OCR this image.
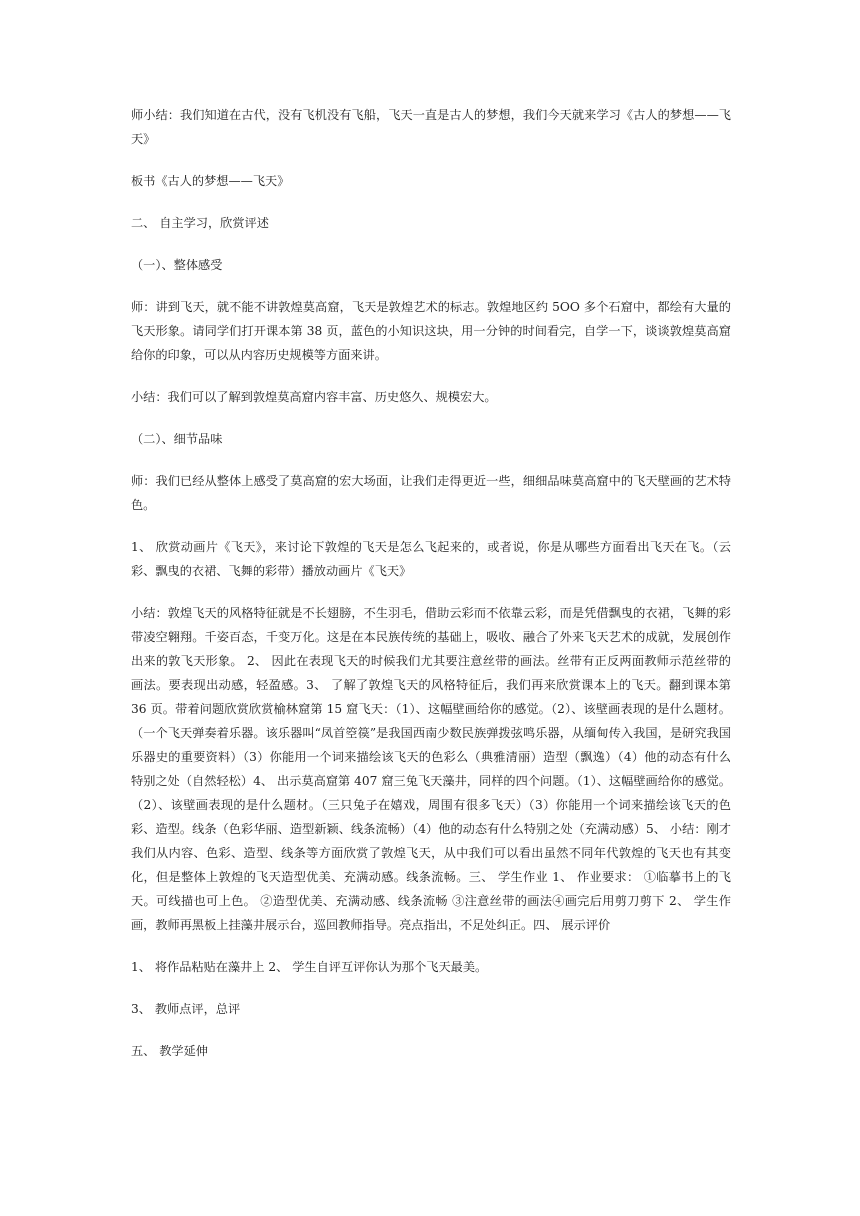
师小结：我们知道在古代，没有飞机没有飞船，飞天一直是古人的梦想，我们今天就来学习《古人的梦想——飞天》

板书《古人的梦想——飞天》

二、 自主学习，欣赏评述

（一）、整体感受

师：讲到飞天，就不能不讲敦煌莫高窟，飞天是敦煌艺术的标志。敦煌地区约 5OO 多个石窟中，都绘有大量的飞天形象。请同学们打开课本第 38 页，蓝色的小知识这块，用一分钟的时间看完，自学一下，谈谈敦煌莫高窟给你的印象，可以从内容历史规模等方面来讲。

小结：我们可以了解到敦煌莫高窟内容丰富、历史悠久、规模宏大。

（二）、细节品味

师：我们已经从整体上感受了莫高窟的宏大场面，让我们走得更近一些，细细品味莫高窟中的飞天壁画的艺术特色。

1、 欣赏动画片《飞天》，来讨论下敦煌的飞天是怎么飞起来的，或者说，你是从哪些方面看出飞天在飞。（云彩、飘曳的衣裙、飞舞的彩带）播放动画片《飞天》

小结：敦煌飞天的风格特征就是不长翅膀，不生羽毛，借助云彩而不依靠云彩，而是凭借飘曳的衣裙，飞舞的彩带凌空翱翔。千姿百态，千变万化。这是在本民族传统的基础上，吸收、融合了外来飞天艺术的成就，发展创作出来的敦飞天形象。 2、 因此在表现飞天的时候我们尤其要注意丝带的画法。丝带有正反两面教师示范丝带的画法。要表现出动感，轻盈感。3、 了解了敦煌飞天的风格特征后，我们再来欣赏课本上的飞天。翻到课本第 36 页。带着问题欣赏欣赏榆林窟第 15 窟飞天：（1）、这幅壁画给你的感觉。（2）、该壁画表现的是什么题材。（一个飞天弹奏着乐器。该乐器叫“凤首箜篌”是我国西南少数民族弹拨弦鸣乐器，从缅甸传入我国，是研究我国乐器史的重要资料）（3）你能用一个词来描绘该飞天的色彩么（典雅清丽）造型（飘逸）（4）他的动态有什么特别之处（自然轻松）4、 出示莫高窟第 407 窟三兔飞天藻井，同样的四个问题。（1）、这幅壁画给你的感觉。（2）、该壁画表现的是什么题材。（三只兔子在嬉戏，周围有很多飞天）（3）你能用一个词来描绘该飞天的色彩、造型。线条（色彩华丽、造型新颖、线条流畅）（4）他的动态有什么特别之处（充满动感）5、 小结：刚才我们从内容、色彩、造型、线条等方面欣赏了敦煌飞天，从中我们可以看出虽然不同年代敦煌的飞天也有其变化，但是整体上敦煌的飞天造型优美、充满动感。线条流畅。三、 学生作业 1、 作业要求： ①临摹书上的飞天。可线描也可上色。 ②造型优美、充满动感、线条流畅 ③注意丝带的画法④画完后用剪刀剪下 2、 学生作画，教师再黑板上挂藻井展示台，巡回教师指导。亮点指出，不足处纠正。四、 展示评价

1、 将作品粘贴在藻井上 2、 学生自评互评你认为那个飞天最美。

3、 教师点评，总评

五、 教学延伸
